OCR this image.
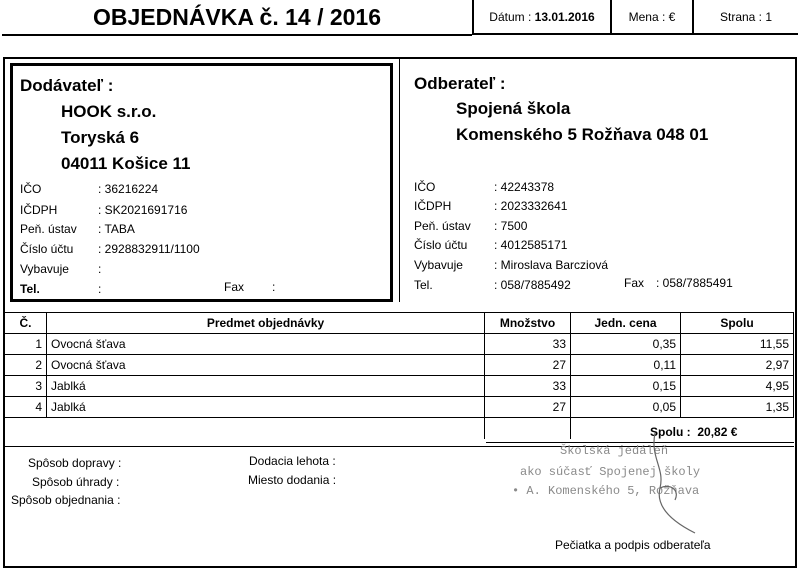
OBJEDNÁVKA č. 14 / 2016	Dátum :
13.01.2016	Mena : €	Strana : 1
Dodávateľ :
HOOK s.r.o.
Toryská 6
04011 Košice 11
IČO	: 36216224
IČDPH	: SK2021691716
Peň. ústav : TABA
Číslo účtu : 2928832911/1100
Vybavuje :
Tel.	:	Fax :
Odberateľ :
Spojená škola
Komenského 5 Rožňava 048 01
IČO	: 42243378
IČDPH	: 2023332641
Peň. ústav : 7500
Číslo účtu : 4012585171
Vybavuje	: Miroslava Barcziová
Tel.	: 058/7885492	Fax : 058/7885491
Č.	Predmet objednávky	Množstvo	Jedn. cena	Spolu
1	Ovocná šťava	33	0,35	11,55
2	Ovocná šťava	27	0,11	2,97
3	Jablká	33	0,15	4,95
4	Jablká	27	0,05	1,35

Spolu : 20,82 €
Spôsob dopravy :
Spôsob úhrady :
Spôsob objednania :
Dodacia lehota :
Miesto dodania :
Školská jedáleň
ako súčasť Spojenej školy
• A. Komenského 5, Rožňava
Pečiatka a podpis odberateľa
